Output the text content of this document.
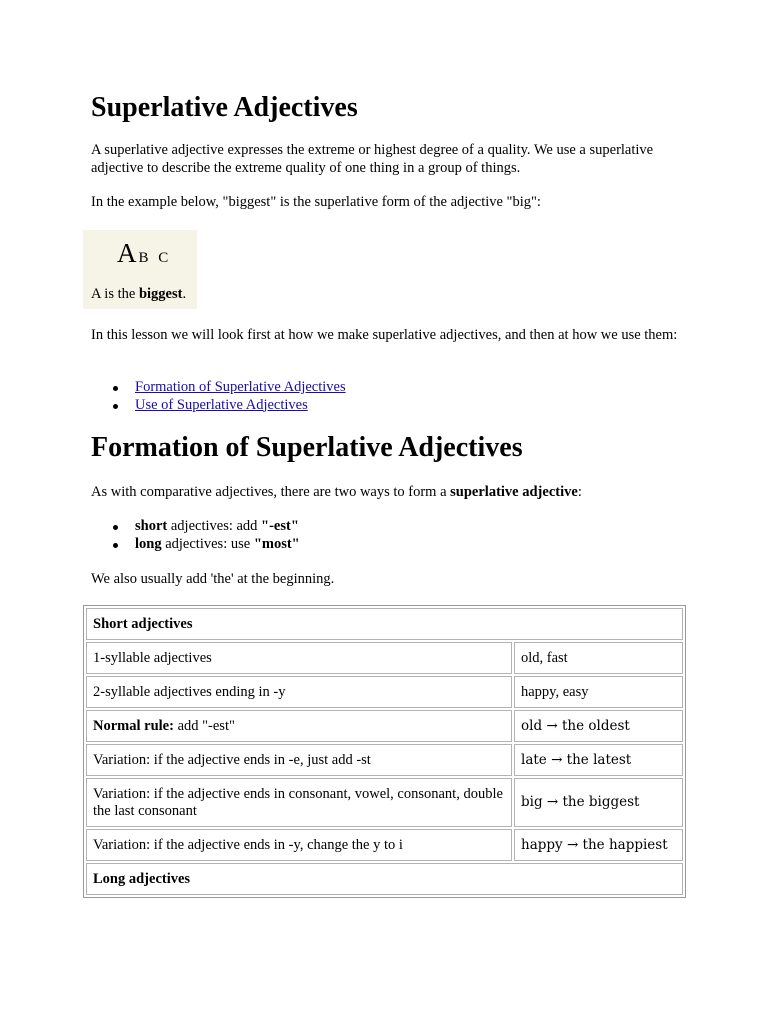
Superlative Adjectives
A superlative adjective expresses the extreme or highest degree of a quality. We use a superlative adjective to describe the extreme quality of one thing in a group of things.
In the example below, "biggest" is the superlative form of the adjective "big":
A B C
A is the biggest.
In this lesson we will look first at how we make superlative adjectives, and then at how we use them:
Formation of Superlative Adjectives
Use of Superlative Adjectives
Formation of Superlative Adjectives
As with comparative adjectives, there are two ways to form a superlative adjective:
short adjectives: add "-est"
long adjectives: use "most"
We also usually add 'the' at the beginning.
Short adjectives	
1-syllable adjectives	old, fast
2-syllable adjectives ending in -y	happy, easy
Normal rule: add "-est"	old → the oldest
Variation: if the adjective ends in -e, just add -st	late → the latest
Variation: if the adjective ends in consonant, vowel, consonant, double the last consonant	big → the biggest
Variation: if the adjective ends in -y, change the y to i	happy → the happiest
Long adjectives	
